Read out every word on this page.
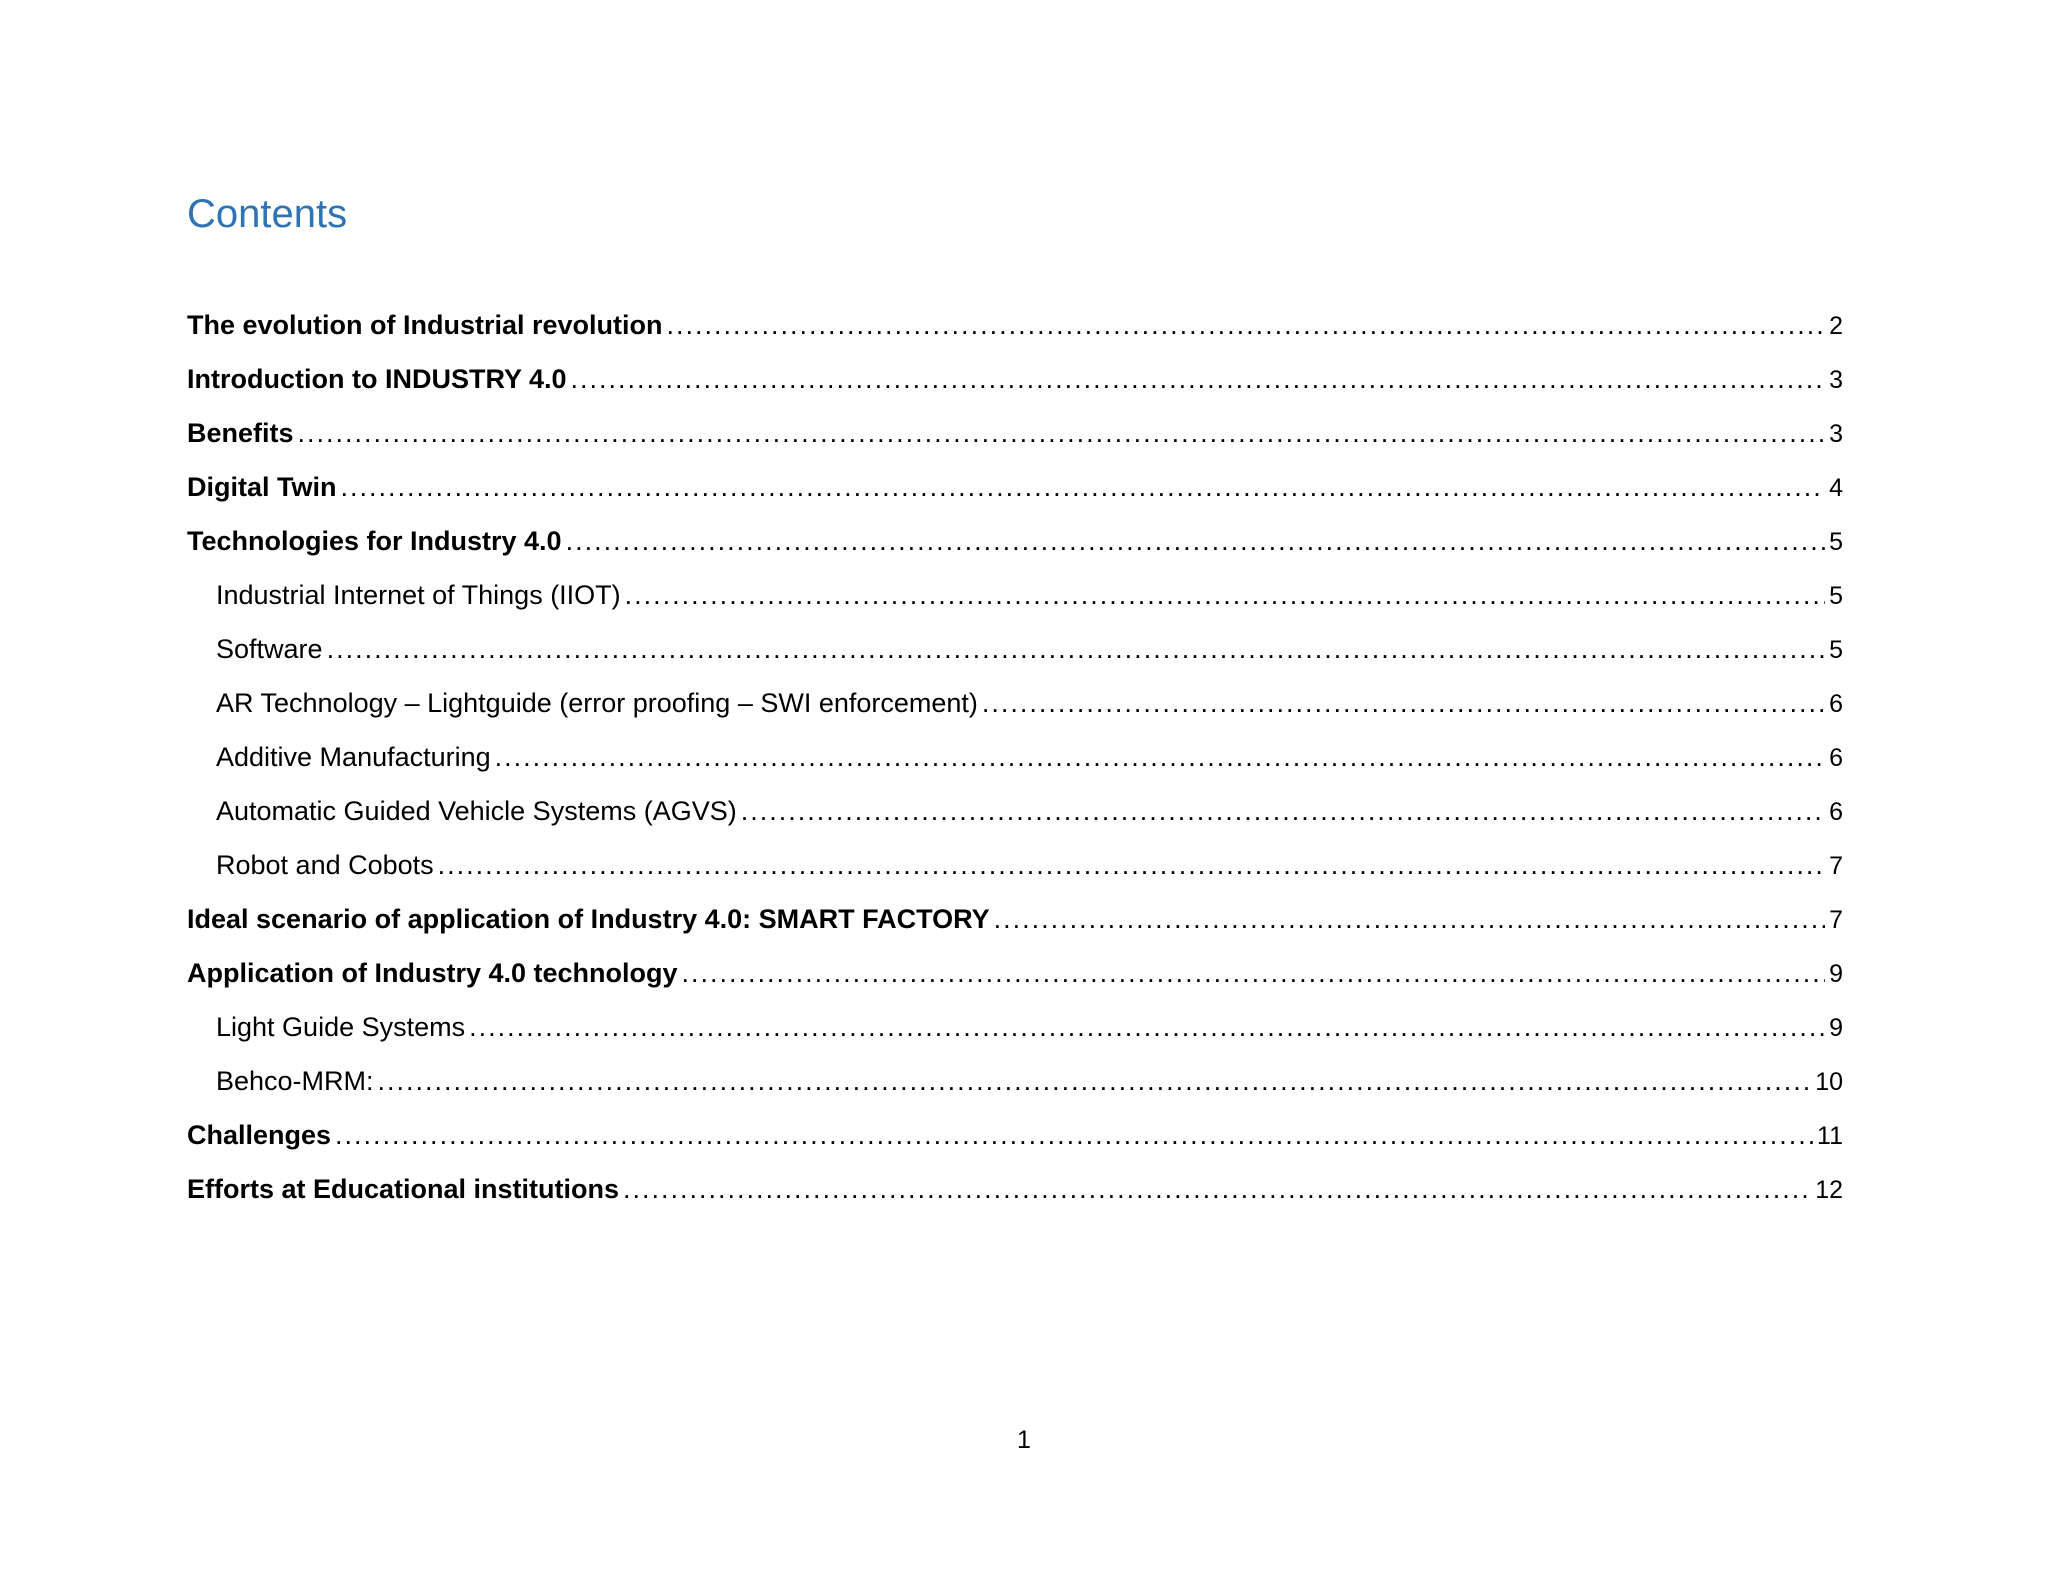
Contents
The evolution of Industrial revolution .....	2
Introduction to INDUSTRY 4.0 .....	3
Benefits .....	3
Digital Twin .....	4
Technologies for Industry 4.0 .....	5
Industrial Internet of Things (IIOT) .....	5
Software .....	5
AR Technology – Lightguide (error proofing – SWI enforcement) .....	6
Additive Manufacturing .....	6
Automatic Guided Vehicle Systems (AGVS) .....	6
Robot and Cobots .....	7
Ideal scenario of application of Industry 4.0: SMART FACTORY .....	7
Application of Industry 4.0 technology .....	9
Light Guide Systems .....	9
Behco-MRM: .....	10
Challenges .....	11
Efforts at Educational institutions .....	12
1
